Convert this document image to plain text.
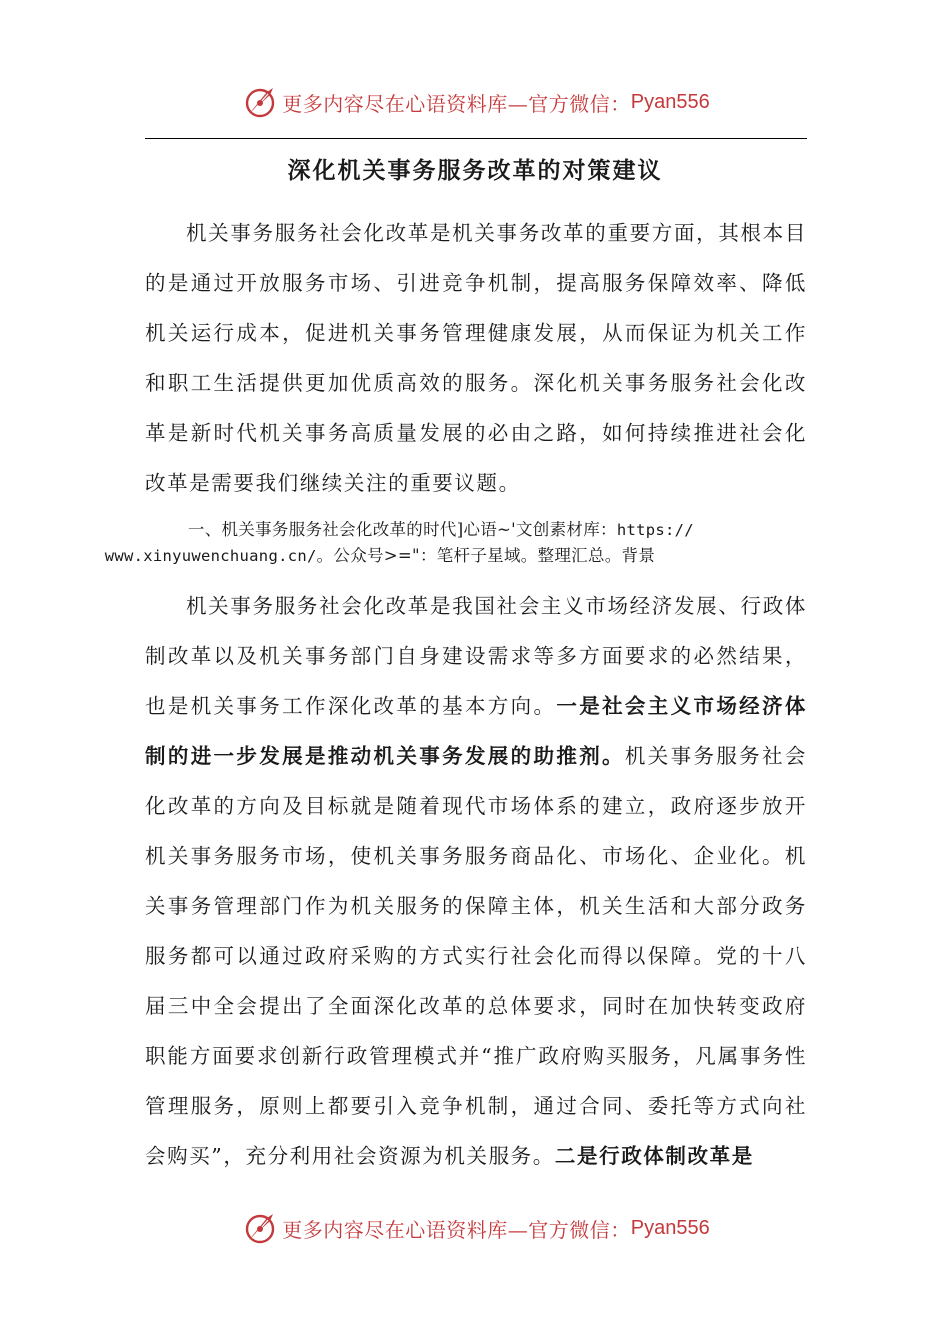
更多内容尽在心语资料库—官方微信： Pyan556
深化机关事务服务改革的对策建议

机关事务服务社会化改革是机关事务改革的重要方面，其根本目的是通过开放服务市场、引进竞争机制，提高服务保障效率、降低机关运行成本，促进机关事务管理健康发展，从而保证为机关工作和职工生活提供更加优质高效的服务。深化机关事务服务社会化改革是新时代机关事务高质量发展的必由之路，如何持续推进社会化改革是需要我们继续关注的重要议题。

一、机关事务服务社会化改革的时代]心语~'文创素材库：https://
www.xinyuwenchuang.cn/。公众号>="：笔杆子星域。整理汇总。背景

机关事务服务社会化改革是我国社会主义市场经济发展、行政体制改革以及机关事务部门自身建设需求等多方面要求的必然结果，也是机关事务工作深化改革的基本方向。一是社会主义市场经济体制的进一步发展是推动机关事务发展的助推剂。机关事务服务社会化改革的方向及目标就是随着现代市场体系的建立，政府逐步放开机关事务服务市场，使机关事务服务商品化、市场化、企业化。机关事务管理部门作为机关服务的保障主体，机关生活和大部分政务服务都可以通过政府采购的方式实行社会化而得以保障。党的十八届三中全会提出了全面深化改革的总体要求，同时在加快转变政府职能方面要求创新行政管理模式并“推广政府购买服务，凡属事务性管理服务，原则上都要引入竞争机制，通过合同、委托等方式向社会购买”，充分利用社会资源为机关服务。二是行政体制改革是

更多内容尽在心语资料库—官方微信： Pyan556
